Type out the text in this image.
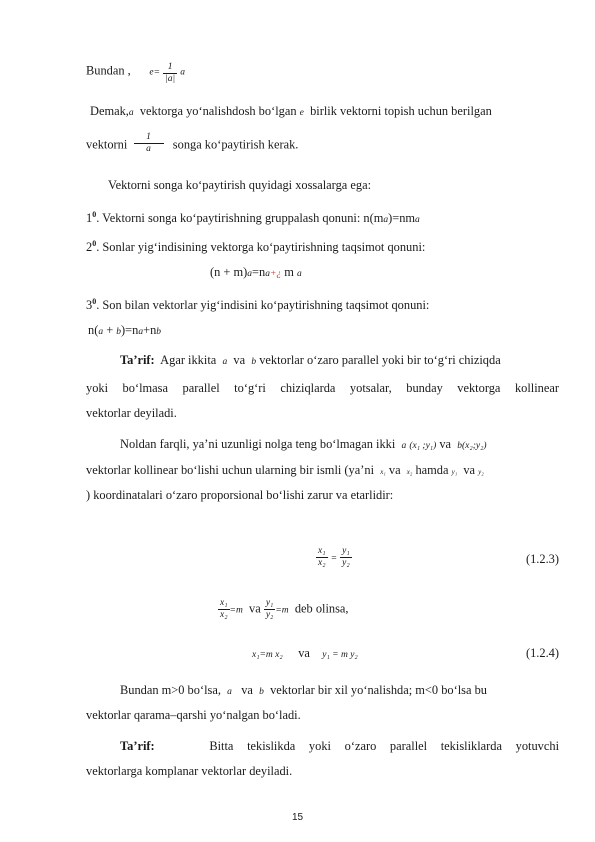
Bundan , $e= \frac{1}{|a|}$ a
Demak,a vektorga yo‘nalishdosh bo‘lgan e birlik vektorni topish uchun berilgan
vektorni $\frac{1}{a}$ songa ko‘paytirish kerak.
Vektorni songa ko‘paytirish quyidagi xossalarga ega:
$1^0$. Vektorni songa ko‘paytirishning gruppalash qonuni: n(ma)=nma
$2^0$. Sonlar yig‘indisining vektorga ko‘paytirishning taqsimot qonuni:
(n + m)a=na+¿ m a
$3^0$. Son bilan vektorlar yig‘indisini ko‘paytirishning taqsimot qonuni:
n(a + b)=na+nb
Ta’rif: Agar ikkita a va b vektorlar o‘zaro parallel yoki bir to‘g‘ri chiziqda
yoki bo‘lmasa parallel to‘g‘ri chiziqlarda yotsalar, bunday vektorga kollinear
vektorlar deyiladi.
Noldan farqli, ya’ni uzunligi nolga teng bo‘lmagan ikki a (x₁ ;y₁) va b(x₂;y₂)
vektorlar kollinear bo‘lishi uchun ularning bir ismli (ya’ni x₁ va x₂ hamda y₁ va y₂
) koordinatalari o‘zaro proporsional bo‘lishi zarur va etarlidir:
$\frac{\text{x₁}}{\text{x₂}} = \frac{\text{y₁}}{\text{y₂}}$	(1.2.3)
$\frac{\text{x₁}}{\text{x₂}} =m$ va $\frac{\text{y₁}}{\text{y₂}} =m$ deb olinsa,
x₁=m x₂ va y₁ = m y₂	(1.2.4)
Bundan m>0 bo‘lsa, a va b vektorlar bir xil yo‘nalishda; m<0 bo‘lsa bu
vektorlar qarama–qarshi yo‘nalgan bo‘ladi.
Ta’rif:	Bitta tekislikda yoki o‘zaro parallel tekisliklarda yotuvchi
vektorlarga komplanar vektorlar deyiladi.
15
